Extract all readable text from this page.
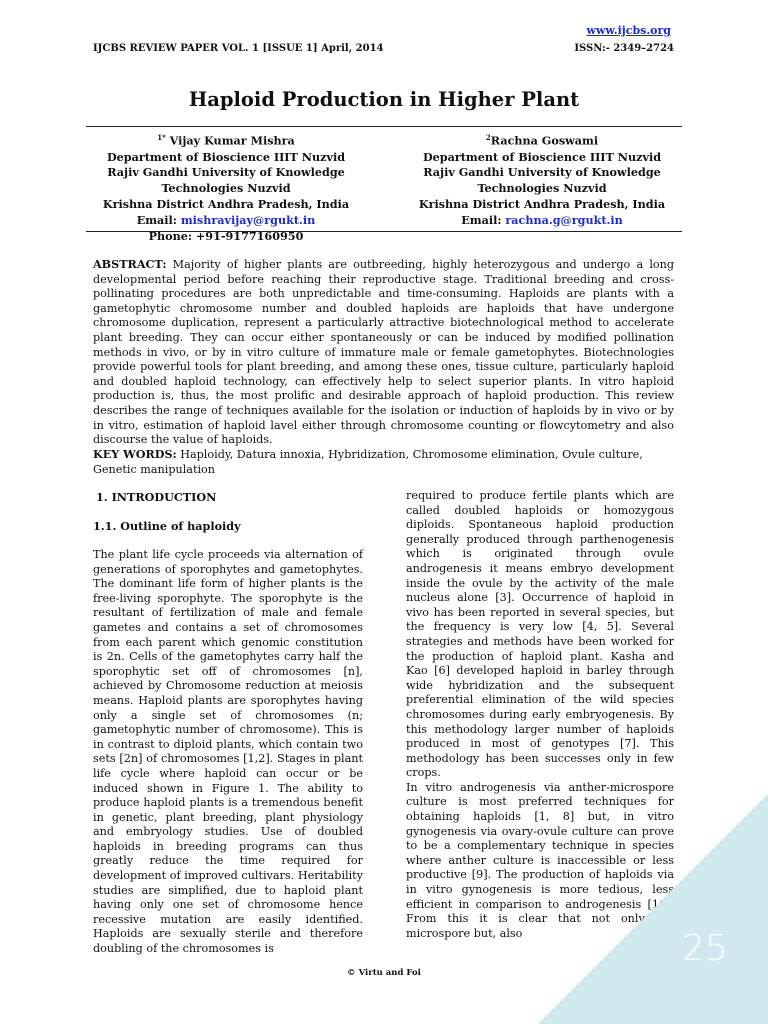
www.ijcbs.org
IJCBS REVIEW PAPER VOL. 1 [ISSUE 1] April, 2014	ISSN:- 2349–2724
Haploid Production in Higher Plant
$^{1*}$ Vijay Kumar Mishra
Department of Bioscience IIIT Nuzvid
Rajiv Gandhi University of Knowledge
Technologies Nuzvid
Krishna District Andhra Pradesh, India
Email: mishravijay@rgukt.in
Phone: +91-9177160950
$^2$Rachna Goswami
Department of Bioscience IIIT Nuzvid
Rajiv Gandhi University of Knowledge
Technologies Nuzvid
Krishna District Andhra Pradesh, India
Email: rachna.g@rgukt.in
ABSTRACT: Majority of higher plants are outbreeding, highly heterozygous and undergo a long developmental period before reaching their reproductive stage. Traditional breeding and cross-pollinating procedures are both unpredictable and time-consuming. Haploids are plants with a gametophytic chromosome number and doubled haploids are haploids that have undergone chromosome duplication, represent a particularly attractive biotechnological method to accelerate plant breeding. They can occur either spontaneously or can be induced by modified pollination methods in vivo, or by in vitro culture of immature male or female gametophytes. Biotechnologies provide powerful tools for plant breeding, and among these ones, tissue culture, particularly haploid and doubled haploid technology, can effectively help to select superior plants. In vitro haploid production is, thus, the most prolific and desirable approach of haploid production. This review describes the range of techniques available for the isolation or induction of haploids by in vivo or by in vitro, estimation of haploid lavel either through chromosome counting or flowcytometry and also discourse the value of haploids.
KEY WORDS: Haploidy, Datura innoxia, Hybridization, Chromosome elimination, Ovule culture, Genetic manipulation
1. INTRODUCTION
1.1. Outline of haploidy
The plant life cycle proceeds via alternation of generations of sporophytes and gametophytes. The dominant life form of higher plants is the free-living sporophyte. The sporophyte is the resultant of fertilization of male and female gametes and contains a set of chromosomes from each parent which genomic constitution is 2n. Cells of the gametophytes carry half the sporophytic set off of chromosomes [n], achieved by Chromosome reduction at meiosis means. Haploid plants are sporophytes having only a single set of chromosomes (n; gametophytic number of chromosome). This is in contrast to diploid plants, which contain two sets [2n] of chromosomes [1,2]. Stages in plant life cycle where haploid can occur or be induced shown in Figure 1. The ability to produce haploid plants is a tremendous benefit in genetic, plant breeding, plant physiology and embryology studies. Use of doubled haploids in breeding programs can thus greatly reduce the time required for development of improved cultivars. Heritability studies are simplified, due to haploid plant having only one set of chromosome hence recessive mutation are easily identified. Haploids are sexually sterile and therefore doubling of the chromosomes is
required to produce fertile plants which are called doubled haploids or homozygous diploids. Spontaneous haploid production generally produced through parthenogenesis which is originated through ovule androgenesis it means embryo development inside the ovule by the activity of the male nucleus alone [3]. Occurrence of haploid in vivo has been reported in several species, but the frequency is very low [4, 5]. Several strategies and methods have been worked for the production of haploid plant. Kasha and Kao [6] developed haploid in barley through wide hybridization and the subsequent preferential elimination of the wild species chromosomes during early embryogenesis. By this methodology larger number of haploids produced in most of genotypes [7]. This methodology has been successes only in few crops.
In vitro androgenesis via anther-microspore culture is most preferred techniques for obtaining haploids [1, 8] but, in vitro gynogenesis via ovary-ovule culture can prove to be a complementary technique in species where anther culture is inaccessible or less productive [9]. The production of haploids via in vitro gynogenesis is more tedious, less efficient in comparison to androgenesis [10]. From this it is clear that not only the microspore but, also
© Virtu and Foi
25
